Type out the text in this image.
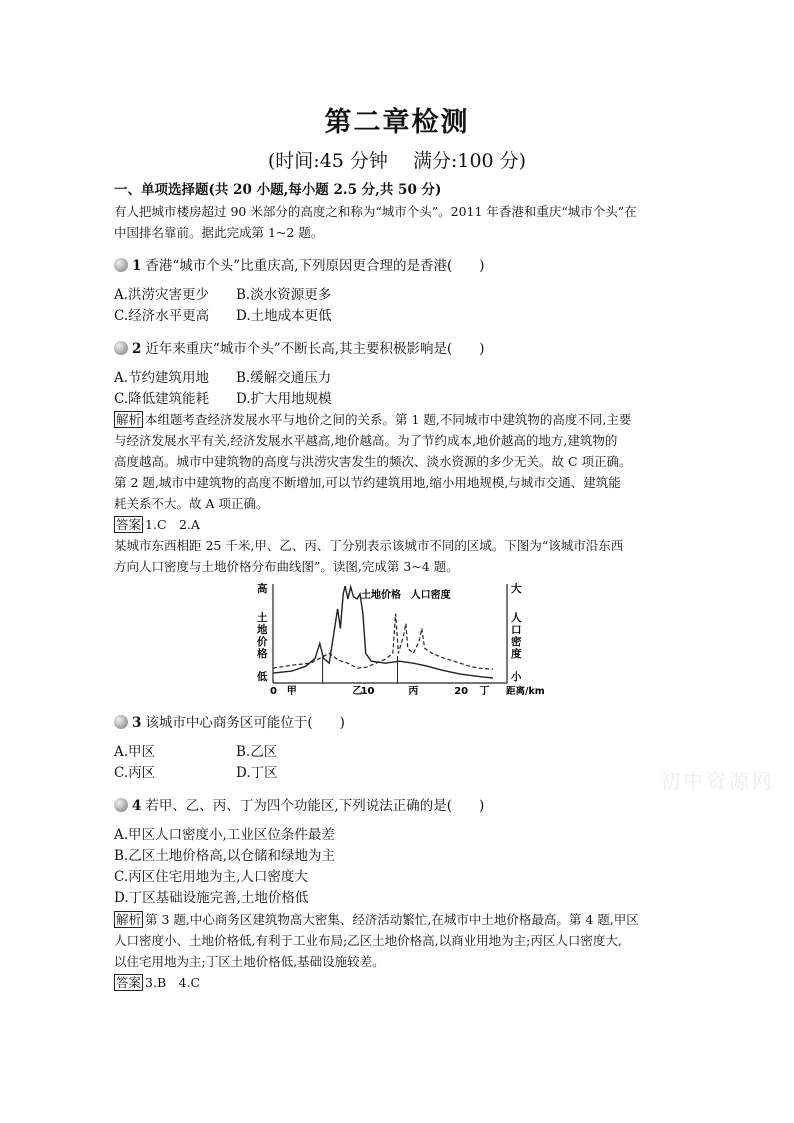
第二章检测
(时间:45 分钟　 满分:100 分)
一、单项选择题(共 20 小题,每小题 2.5 分,共 50 分)
有人把城市楼房超过 90 米部分的高度之和称为“城市个头”。2011 年香港和重庆“城市个头”在
中国排名靠前。据此完成第 1~2 题。
1 香港“城市个头”比重庆高,下列原因更合理的是香港(　　)
A.洪涝灾害更少 B.淡水资源更多
C.经济水平更高 D.土地成本更低
2 近年来重庆“城市个头”不断长高,其主要积极影响是(　　)
A.节约建筑用地 B.缓解交通压力
C.降低建筑能耗 D.扩大用地规模
解析 本组题考查经济发展水平与地价之间的关系。第 1 题,不同城市中建筑物的高度不同,主要
与经济发展水平有关,经济发展水平越高,地价越高。为了节约成本,地价越高的地方,建筑物的
高度越高。城市中建筑物的高度与洪涝灾害发生的频次、淡水资源的多少无关。故 C 项正确。
第 2 题,城市中建筑物的高度不断增加,可以节约建筑用地,缩小用地规模,与城市交通、建筑能
耗关系不大。故 A 项正确。
答案 1.C　2.A
某城市东西相距 25 千米,甲、乙、丙、丁分别表示该城市不同的区域。下图为“该城市沿东西
方向人口密度与土地价格分布曲线图”。读图,完成第 3~4 题。
高
低
大
小
土
地
价
格
人
口
密
度
土地价格 人口密度
0	10	20
甲	乙	丙	丁 距离/km
3 该城市中心商务区可能位于(　　)
A.甲区	B.乙区
C.丙区	D.丁区
4 若甲、乙、丙、丁为四个功能区,下列说法正确的是(　　)
A.甲区人口密度小,工业区位条件最差
B.乙区土地价格高,以仓储和绿地为主
C.丙区住宅用地为主,人口密度大
D.丁区基础设施完善,土地价格低
解析 第 3 题,中心商务区建筑物高大密集、经济活动繁忙,在城市中土地价格最高。第 4 题,甲区
人口密度小、土地价格低,有利于工业布局;乙区土地价格高,以商业用地为主;丙区人口密度大,
以住宅用地为主;丁区土地价格低,基础设施较差。
答案 3.B　4.C
初中资源网
